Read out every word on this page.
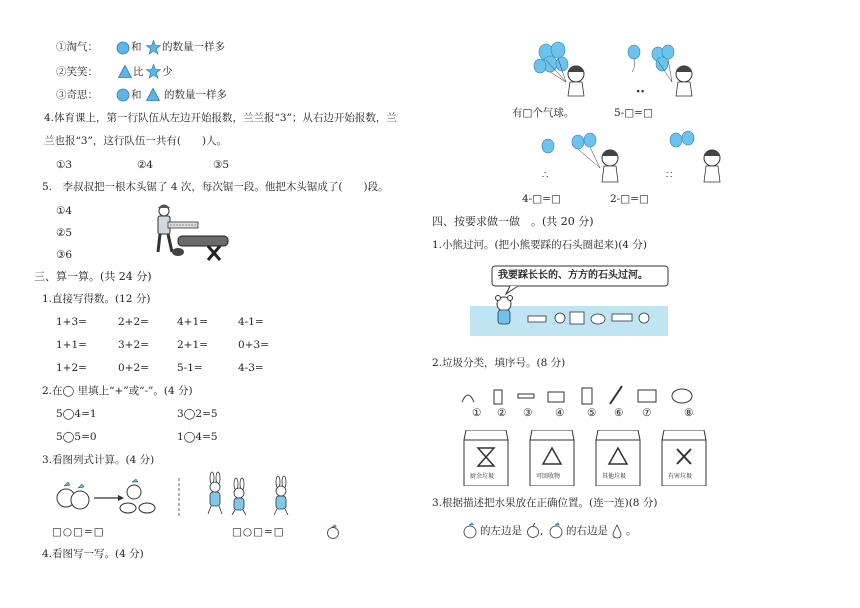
①淘气：	和 的数量一样多
②笑笑：	比 少
③奇思：	和 的数量一样多
4.体育课上，第一行队伍从左边开始报数，兰兰报“3”；从右边开始报数，兰
兰也报“3”，这行队伍一共有(　　)人。
①3	②4	③5
5.　李叔叔把一根木头锯了 4 次，每次锯一段。他把木头锯成了(　　)段。
①4
②5
③6
三、算一算。(共 24 分)
1.直接写得数。(12 分)
1+3=	2+2=	4+1=	4-1=
1+1=	3+2=	2+1=	0+3=
1+2=	0+2=	5-1=	4-3=
2.在◯ 里填上“+”或“-”。(4 分)
5◯4=1	3◯2=5
5◯5=0	1◯4=5
3.看图列式计算。(4 分)
□○□=□	□○□=□
4.看图写一写。(4 分)
∙∙
有□个气球。	5-□=□
∴	∷
4-□=□	2-□=□
四、按要求做一做　。(共 20 分)
1.小熊过河。(把小熊要踩的石头圈起来)(4 分)
我要踩长长的、方方的石头过河。
2.垃圾分类，填序号。(8 分)
① ② ③ ④ ⑤ ⑥ ⑦	⑧
厨余垃圾	可回收物	其他垃圾	有害垃圾
3.根据描述把水果放在正确位置。(连一连)(8 分)
的左边是 , 的右边是 。
